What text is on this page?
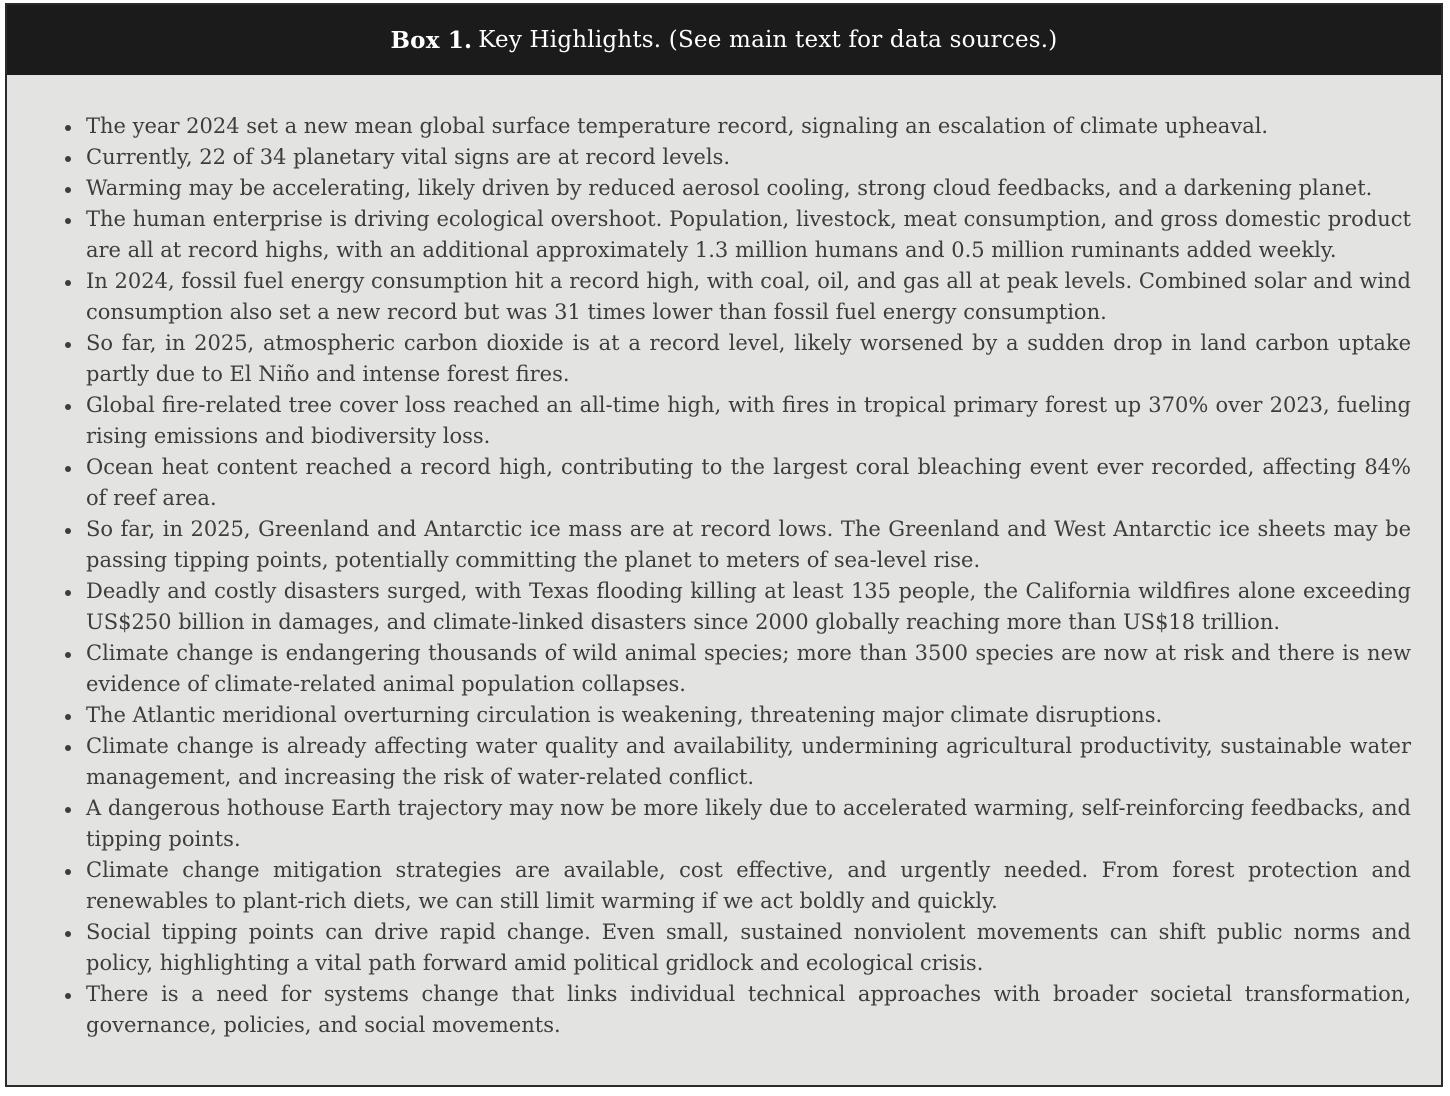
Box 1. Key Highlights. (See main text for data sources.)
• The year 2024 set a new mean global surface temperature record, signaling an escalation of climate upheaval.
• Currently, 22 of 34 planetary vital signs are at record levels.
• Warming may be accelerating, likely driven by reduced aerosol cooling, strong cloud feedbacks, and a darkening planet.
• The human enterprise is driving ecological overshoot. Population, livestock, meat consumption, and gross domestic product are all at record highs, with an additional approximately 1.3 million humans and 0.5 million ruminants added weekly.
• In 2024, fossil fuel energy consumption hit a record high, with coal, oil, and gas all at peak levels. Combined solar and wind consumption also set a new record but was 31 times lower than fossil fuel energy consumption.
• So far, in 2025, atmospheric carbon dioxide is at a record level, likely worsened by a sudden drop in land carbon uptake partly due to El Niño and intense forest fires.
• Global fire-related tree cover loss reached an all-time high, with fires in tropical primary forest up 370% over 2023, fueling rising emissions and biodiversity loss.
• Ocean heat content reached a record high, contributing to the largest coral bleaching event ever recorded, affecting 84% of reef area.
• So far, in 2025, Greenland and Antarctic ice mass are at record lows. The Greenland and West Antarctic ice sheets may be passing tipping points, potentially committing the planet to meters of sea-level rise.
• Deadly and costly disasters surged, with Texas flooding killing at least 135 people, the California wildfires alone exceeding US$250 billion in damages, and climate-linked disasters since 2000 globally reaching more than US$18 trillion.
• Climate change is endangering thousands of wild animal species; more than 3500 species are now at risk and there is new evidence of climate-related animal population collapses.
• The Atlantic meridional overturning circulation is weakening, threatening major climate disruptions.
• Climate change is already affecting water quality and availability, undermining agricultural productivity, sustainable water management, and increasing the risk of water-related conflict.
• A dangerous hothouse Earth trajectory may now be more likely due to accelerated warming, self-reinforcing feedbacks, and tipping points.
• Climate change mitigation strategies are available, cost effective, and urgently needed. From forest protection and renewables to plant-rich diets, we can still limit warming if we act boldly and quickly.
• Social tipping points can drive rapid change. Even small, sustained nonviolent movements can shift public norms and policy, highlighting a vital path forward amid political gridlock and ecological crisis.
• There is a need for systems change that links individual technical approaches with broader societal transformation, governance, policies, and social movements.
